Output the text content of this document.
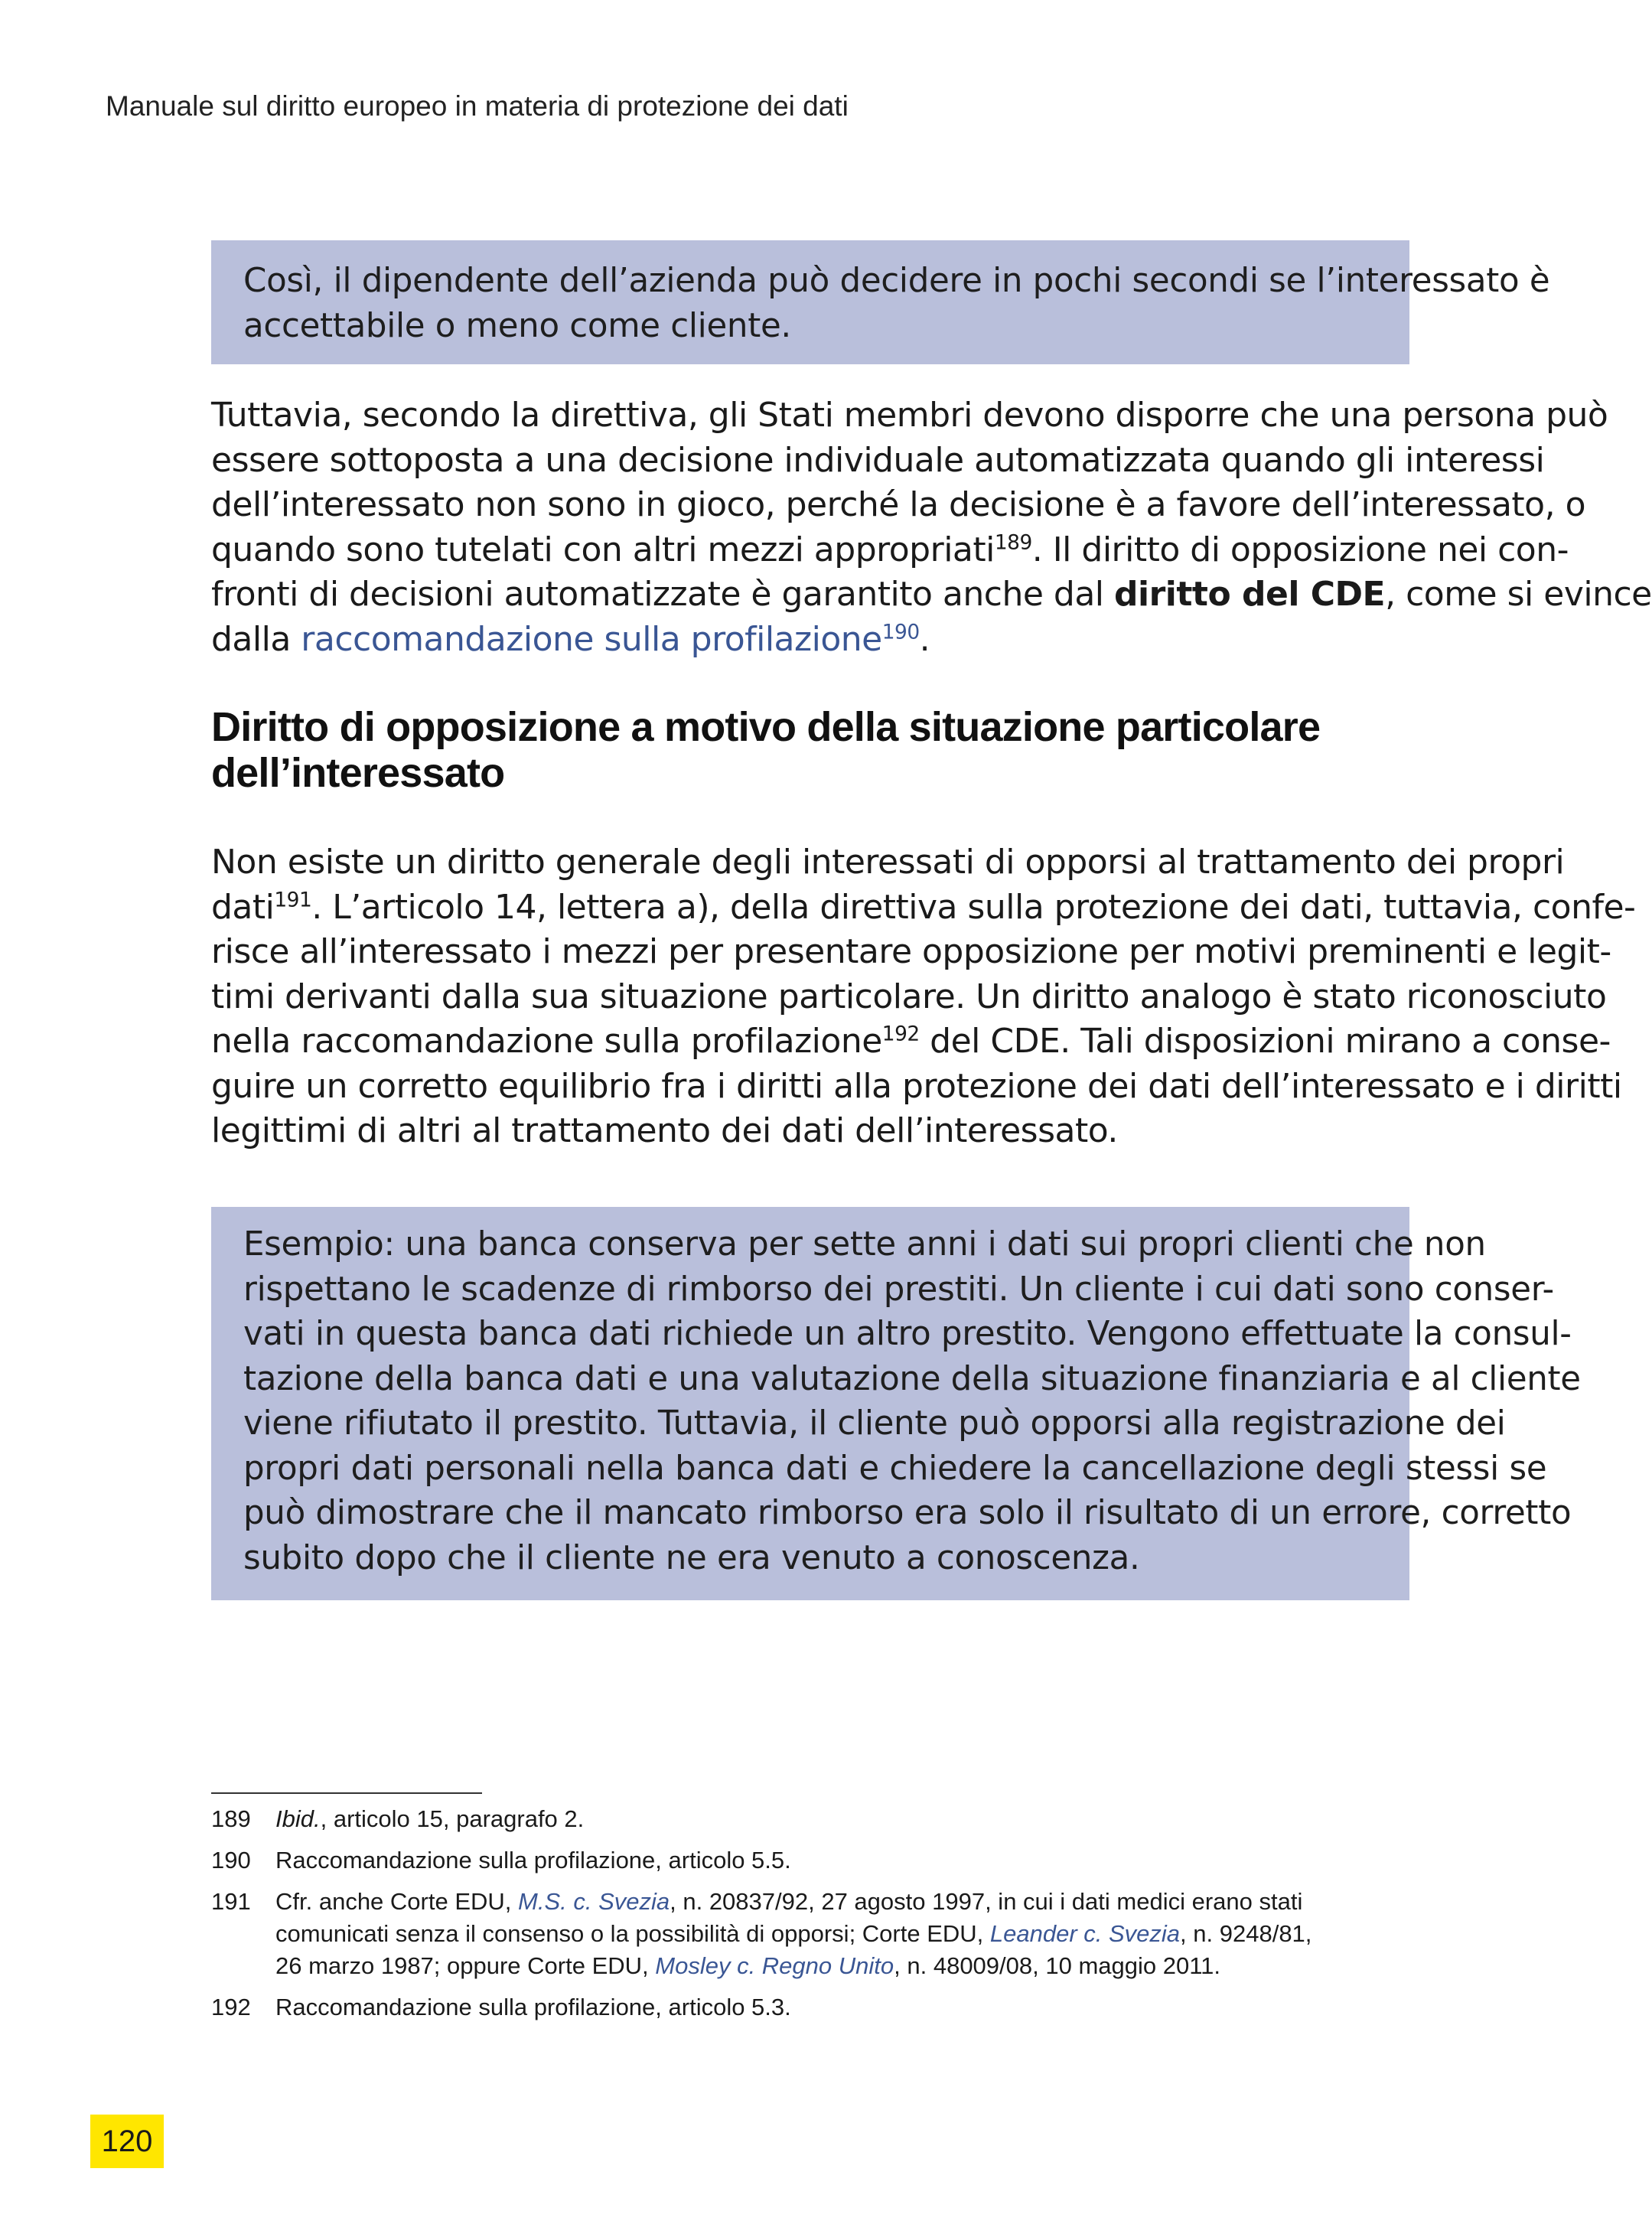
Manuale sul diritto europeo in materia di protezione dei dati
Così, il dipendente dell’azienda può decidere in pochi secondi se l’interessato è
accettabile o meno come cliente.
Tuttavia, secondo la direttiva, gli Stati membri devono disporre che una persona può
essere sottoposta a una decisione individuale automatizzata quando gli interessi
dell’interessato non sono in gioco, perché la decisione è a favore dell’interessato, o
quando sono tutelati con altri mezzi appropriati$^{189}$. Il diritto di opposizione nei con-
fronti di decisioni automatizzate è garantito anche dal diritto del CDE, come si evince
dalla raccomandazione sulla profilazione$^{190}$.
Diritto di opposizione a motivo della situazione particolare
dell’interessato
Non esiste un diritto generale degli interessati di opporsi al trattamento dei propri
dati$^{191}$. L’articolo 14, lettera a), della direttiva sulla protezione dei dati, tuttavia, confe-
risce all’interessato i mezzi per presentare opposizione per motivi preminenti e legit-
timi derivanti dalla sua situazione particolare. Un diritto analogo è stato riconosciuto
nella raccomandazione sulla profilazione$^{192}$ del CDE. Tali disposizioni mirano a conse-
guire un corretto equilibrio fra i diritti alla protezione dei dati dell’interessato e i diritti
legittimi di altri al trattamento dei dati dell’interessato.
Esempio: una banca conserva per sette anni i dati sui propri clienti che non
rispettano le scadenze di rimborso dei prestiti. Un cliente i cui dati sono conser-
vati in questa banca dati richiede un altro prestito. Vengono effettuate la consul-
tazione della banca dati e una valutazione della situazione finanziaria e al cliente
viene rifiutato il prestito. Tuttavia, il cliente può opporsi alla registrazione dei
propri dati personali nella banca dati e chiedere la cancellazione degli stessi se
può dimostrare che il mancato rimborso era solo il risultato di un errore, corretto
subito dopo che il cliente ne era venuto a conoscenza.
189	Ibid., articolo 15, paragrafo 2.
190	Raccomandazione sulla profilazione, articolo 5.5.
191	Cfr. anche Corte EDU, M.S. c. Svezia, n. 20837/92, 27 agosto 1997, in cui i dati medici erano stati
comunicati senza il consenso o la possibilità di opporsi; Corte EDU, Leander c. Svezia, n. 9248/81,
26 marzo 1987; oppure Corte EDU, Mosley c. Regno Unito, n. 48009/08, 10 maggio 2011.
192	Raccomandazione sulla profilazione, articolo 5.3.
120
